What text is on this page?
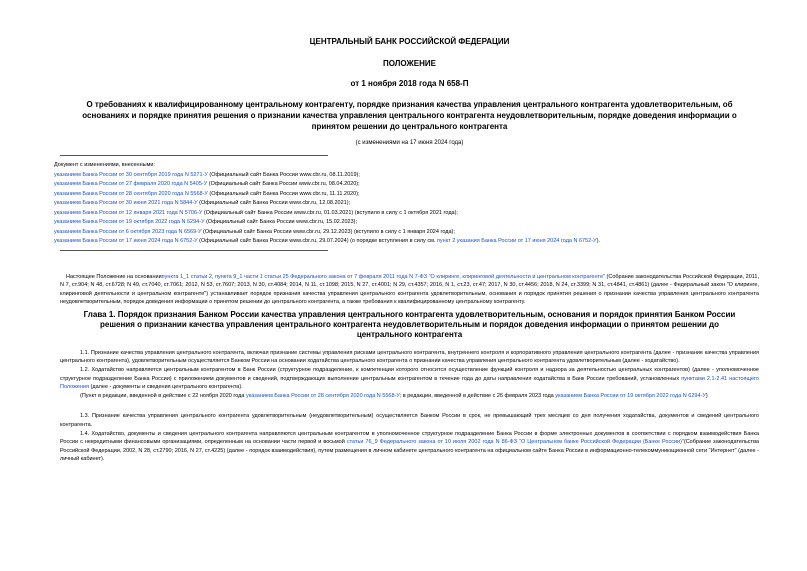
ЦЕНТРАЛЬНЫЙ БАНК РОССИЙСКОЙ ФЕДЕРАЦИИ
ПОЛОЖЕНИЕ
от 1 ноября 2018 года N 658-П
О требованиях к квалифицированному центральному контрагенту, порядке признания качества управления центрального контрагента удовлетворительным, об основаниях и порядке принятия решения о признании качества управления центрального контрагента неудовлетворительным, порядке доведения информации о принятом решении до центрального контрагента
(с изменениями на 17 июня 2024 года)
Документ с изменениями, внесенными:
указанием Банка России от 30 сентября 2019 года N 5271-У (Официальный сайт Банка России www.cbr.ru, 08.11.2019);
указанием Банка России от 27 февраля 2020 года N 5405-У (Официальный сайт Банка России www.cbr.ru, 08.04.2020);
указанием Банка России от 28 сентября 2020 года N 5568-У (Официальный сайт Банка России www.cbr.ru, 11.11.2020);
указанием Банка России от 30 июня 2021 года N 5844-У (Официальный сайт Банка России www.cbr.ru, 12.08.2021);
указанием Банка России от 12 января 2021 года N 5706-У (Официальный сайт Банка России www.cbr.ru, 01.03.2021) (вступило в силу с 1 октября 2021 года);
указанием Банка России от 19 октября 2022 года N 6294-У (Официальный сайт Банка России www.cbr.ru, 15.02.2023);
указанием Банка России от 6 октября 2023 года N 6569-У (Официальный сайт Банка России www.cbr.ru, 29.12.2023) (вступило в силу с 1 января 2024 года);
указанием Банка России от 17 июня 2024 года N 6752-У (Официальный сайт Банка России www.cbr.ru, 29.07.2024) (о порядке вступления в силу см. пункт 2 указания Банка России от 17 июня 2024 года N 6752-У).
Настоящее Положение на основаниипункта 1_1 статьи 2, пункта 9_1 части 1 статьи 25 Федерального закона от 7 февраля 2011 года N 7-ФЗ "О клиринге, клиринговой деятельности и центральном контрагенте" (Собрание законодательства Российской Федерации, 2011, N 7, ст.904; N 48, ст.6728; N 49, ст.7040, ст.7061; 2012, N 53, ст.7607; 2013, N 30, ст.4084; 2014, N 11, ст.1098; 2015, N 27, ст.4001; N 29, ст.4357; 2016, N 1, ст.23, ст.47; 2017, N 30, ст.4456; 2018, N 24, ст.3399; N 31, ст.4841, ст.4861) (далее - Федеральный закон "О клиринге, клиринговой деятельности и центральном контрагенте") устанавливает порядок признания качества управления центрального контрагента удовлетворительным, основания и порядок принятия решения о признании качества управления центрального контрагента неудовлетворительным, порядок доведения информации о принятом решении до центрального контрагента, а также требования к квалифицированному центральному контрагенту.
Глава 1. Порядок признания Банком России качества управления центрального контрагента удовлетворительным, основания и порядок принятия Банком России решения о признании качества управления центрального контрагента неудовлетворительным и порядок доведения информации о принятом решении до центрального контрагента
1.1. Признание качества управления центрального контрагента, включая признание системы управления рисками центрального контрагента, внутреннего контроля и корпоративного управления центрального контрагента (далее - признание качества управления центрального контрагента), удовлетворительным осуществляется Банком России на основании ходатайства центрального контрагента о признании качества управления центрального контрагента удовлетворительным (далее - ходатайство).
1.2. Ходатайство направляется центральным контрагентом в Банк России (структурное подразделение, к компетенции которого относится осуществление функций контроля и надзора за деятельностью центральных контрагентов) (далее - уполномоченное структурное подразделение Банка России) с приложением документов и сведений, подтверждающих выполнение центральным контрагентом в течение года до даты направления ходатайства в Банк России требований, установленных пунктами 2.1-2.41 настоящего Положения (далее - документы и сведения центрального контрагента).
(Пункт в редакции, введенной в действие с 22 ноября 2020 года указанием Банка России от 28 сентября 2020 года N 5568-У; в редакции, введенной в действие с 26 февраля 2023 года указанием Банка России от 19 октября 2022 года N 6294-У)
1.3. Признание качества управления центрального контрагента удовлетворительным (неудовлетворительным) осуществляется Банком России в срок, не превышающий трех месяцев со дня получения ходатайства, документов и сведений центрального контрагента.
1.4. Ходатайство, документы и сведения центрального контрагента направляются центральным контрагентом в уполномоченное структурное подразделение Банка России в форме электронных документов в соответствии с порядком взаимодействия Банка России с некредитными финансовыми организациями, определенным на основании части первой и восьмой статьи 76_9 Федерального закона от 10 июля 2002 года N 86-ФЗ "О Центральном банке Российской Федерации (Банке России)"(Собрание законодательства Российской Федерации, 2002, N 28, ст.2790; 2016, N 27, ст.4225) (далее - порядок взаимодействия), путем размещения в личном кабинете центрального контрагента на официальном сайте Банка России в информационно-телекоммуникационной сети "Интернет" (далее - личный кабинет).
